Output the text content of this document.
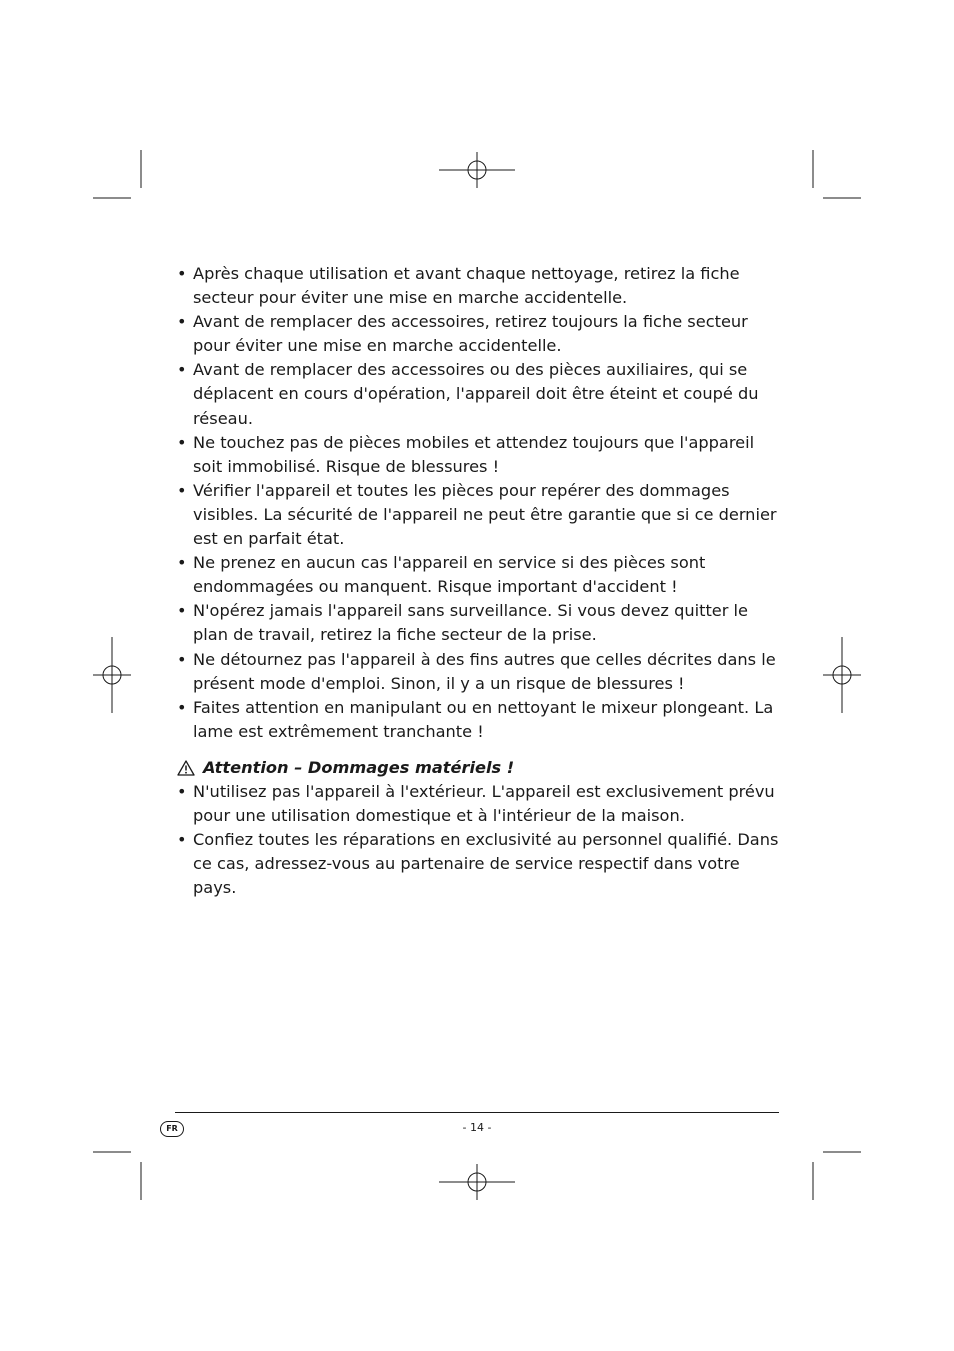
• Après chaque utilisation et avant chaque nettoyage, retirez la fiche secteur pour éviter une mise en marche accidentelle.
• Avant de remplacer des accessoires, retirez toujours la fiche secteur pour éviter une mise en marche accidentelle.
• Avant de remplacer des accessoires ou des pièces auxiliaires, qui se déplacent en cours d'opération, l'appareil doit être éteint et coupé du réseau.
• Ne touchez pas de pièces mobiles et attendez toujours que l'appareil soit immobilisé. Risque de blessures !
• Vérifier l'appareil et toutes les pièces pour repérer des dommages visibles. La sécurité de l'appareil ne peut être garantie que si ce dernier est en parfait état.
• Ne prenez en aucun cas l'appareil en service si des pièces sont endommagées ou manquent. Risque important d'accident !
• N'opérez jamais l'appareil sans surveillance. Si vous devez quitter le plan de travail, retirez la fiche secteur de la prise.
• Ne détournez pas l'appareil à des fins autres que celles décrites dans le présent mode d'emploi. Sinon, il y a un risque de blessures !
• Faites attention en manipulant ou en nettoyant le mixeur plongeant. La lame est extrêmement tranchante !
Attention – Dommages matériels !
• N'utilisez pas l'appareil à l'extérieur. L'appareil est exclusivement prévu pour une utilisation domestique et à l'intérieur de la maison.
• Confiez toutes les réparations en exclusivité au personnel qualifié. Dans ce cas, adressez-vous au partenaire de service respectif dans votre pays.
FR	- 14 -
